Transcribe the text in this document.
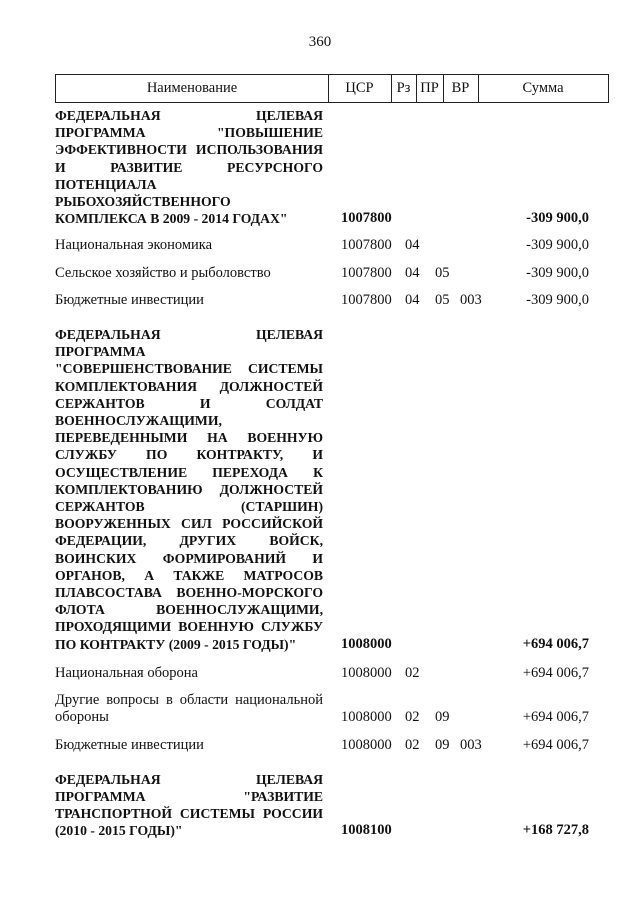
360
Наименование	ЦСР	Рз ПР ВР	Сумма
ФЕДЕРАЛЬНАЯ ЦЕЛЕВАЯ ПРОГРАММА "ПОВЫШЕНИЕ ЭФФЕКТИВНОСТИ ИСПОЛЬЗОВАНИЯ И РАЗВИТИЕ РЕСУРСНОГО ПОТЕНЦИАЛА РЫБОХОЗЯЙСТВЕННОГО КОМПЛЕКСА В 2009 - 2014 ГОДАХ"	1007800	-309 900,0
Национальная экономика	1007800 04	-309 900,0
Сельское хозяйство и рыболовство	1007800 04 05	-309 900,0
Бюджетные инвестиции	1007800 04 05 003	-309 900,0
ФЕДЕРАЛЬНАЯ ЦЕЛЕВАЯ ПРОГРАММА "СОВЕРШЕНСТВОВАНИЕ СИСТЕМЫ КОМПЛЕКТОВАНИЯ ДОЛЖНОСТЕЙ СЕРЖАНТОВ И СОЛДАТ ВОЕННОСЛУЖАЩИМИ, ПЕРЕВЕДЕННЫМИ НА ВОЕННУЮ СЛУЖБУ ПО КОНТРАКТУ, И ОСУЩЕСТВЛЕНИЕ ПЕРЕХОДА К КОМПЛЕКТОВАНИЮ ДОЛЖНОСТЕЙ СЕРЖАНТОВ (СТАРШИН) ВООРУЖЕННЫХ СИЛ РОССИЙСКОЙ ФЕДЕРАЦИИ, ДРУГИХ ВОЙСК, ВОИНСКИХ ФОРМИРОВАНИЙ И ОРГАНОВ, А ТАКЖЕ МАТРОСОВ ПЛАВСОСТАВА ВОЕННО-МОРСКОГО ФЛОТА ВОЕННОСЛУЖАЩИМИ, ПРОХОДЯЩИМИ ВОЕННУЮ СЛУЖБУ ПО КОНТРАКТУ (2009 - 2015 ГОДЫ)"	1008000	+694 006,7
Национальная оборона	1008000 02	+694 006,7
Другие вопросы в области национальной обороны	1008000 02 09	+694 006,7
Бюджетные инвестиции	1008000 02 09 003	+694 006,7
ФЕДЕРАЛЬНАЯ ЦЕЛЕВАЯ ПРОГРАММА "РАЗВИТИЕ ТРАНСПОРТНОЙ СИСТЕМЫ РОССИИ (2010 - 2015 ГОДЫ)"	1008100	+168 727,8
